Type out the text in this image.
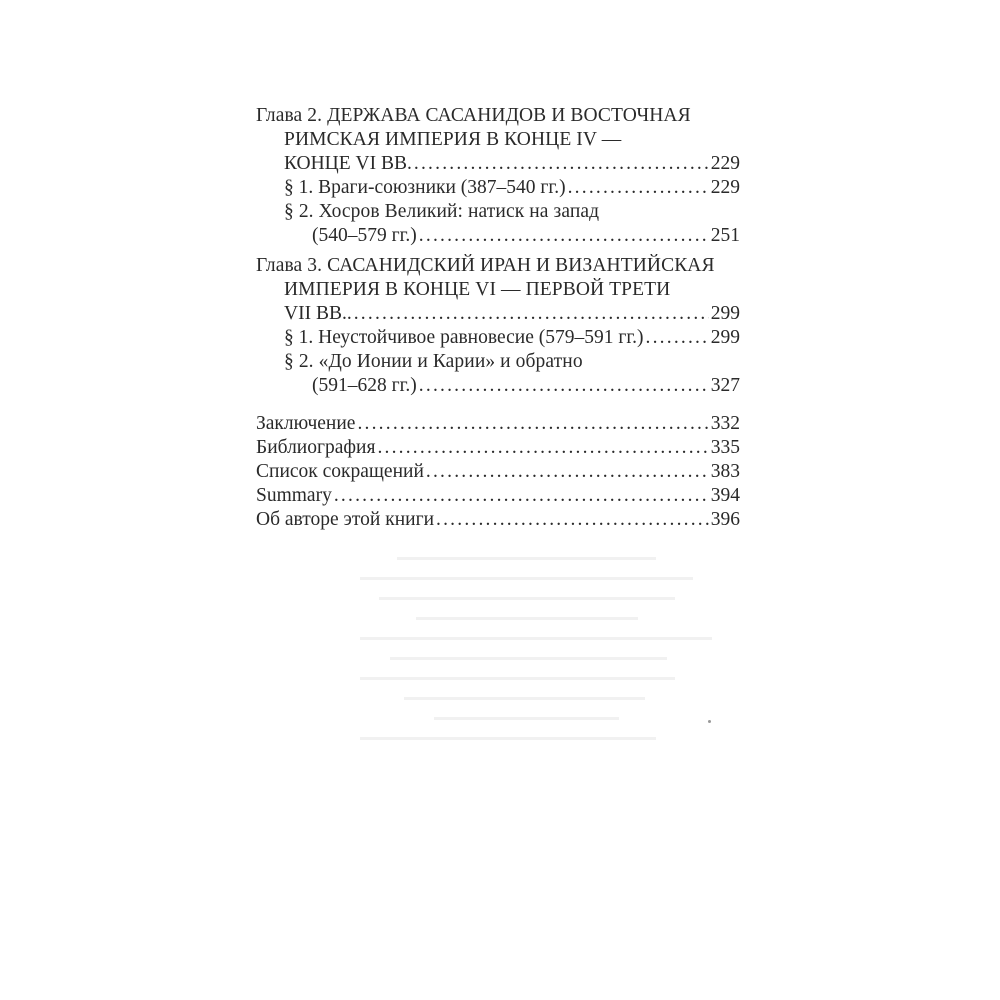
Глава 2. ДЕРЖАВА САСАНИДОВ И ВОСТОЧНАЯ
РИМСКАЯ ИМПЕРИЯ В КОНЦЕ IV —
КОНЦЕ VI ВВ. .....	229
§ 1. Враги-союзники (387–540 гг.) .....	229
§ 2. Хосров Великий: натиск на запад
(540–579 гг.) .....	251
Глава 3. САСАНИДСКИЙ ИРАН И ВИЗАНТИЙСКАЯ
ИМПЕРИЯ В КОНЦЕ VI — ПЕРВОЙ ТРЕТИ
VII ВВ.. .....	299
§ 1. Неустойчивое равновесие (579–591 гг.) .....	299
§ 2. «До Ионии и Карии» и обратно
(591–628 гг.) .....	327
Заключение .....	332
Библиография .....	335
Список сокращений .....	383
Summary .....	394
Об авторе этой книги .....	396
